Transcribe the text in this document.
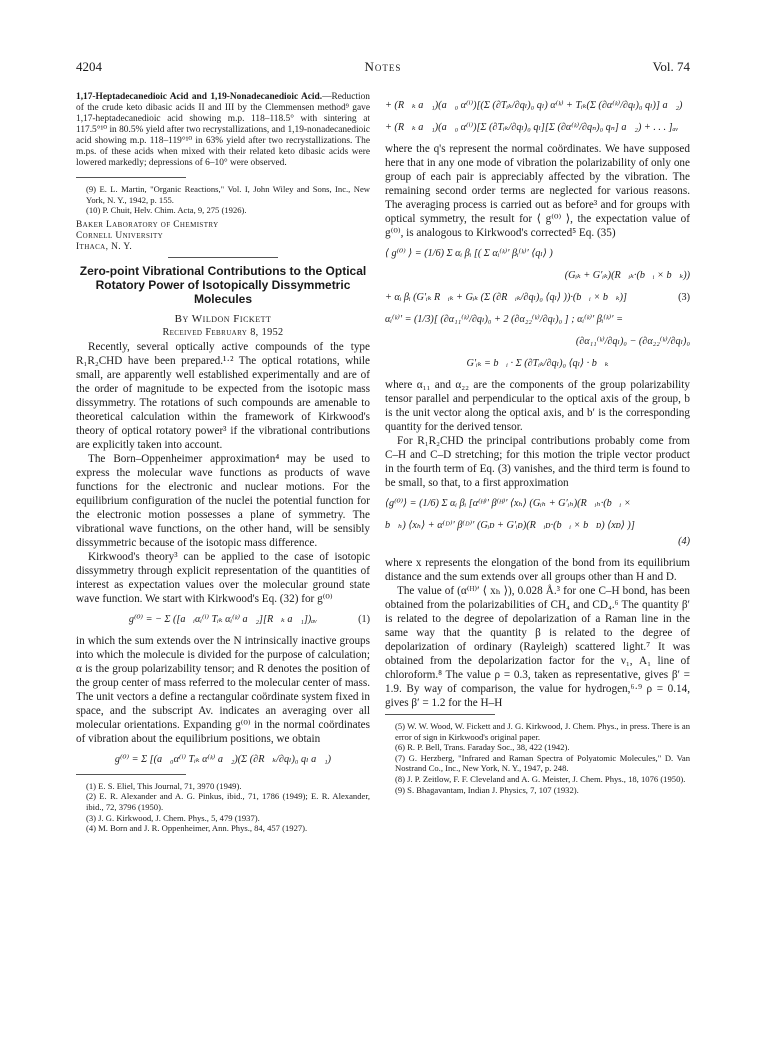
4204	Notes	Vol. 74

1,17-Heptadecanedioic Acid and 1,19-Nonadecanedioic Acid.—Reduction of the crude keto dibasic acids II and III by the Clemmensen method⁹ gave 1,17-heptadecanedioic acid showing m.p. 118–118.5° with sintering at 117.5°¹⁰ in 80.5% yield after two recrystallizations, and 1,19-nonadecanedioic acid showing m.p. 118–119°¹⁰ in 63% yield after two recrystallizations. The m.ps. of these acids when mixed with their related keto dibasic acids were lowered markedly; depressions of 6–10° were observed.

(9) E. L. Martin, "Organic Reactions," Vol. I, John Wiley and Sons, Inc., New York, N. Y., 1942, p. 155.
(10) P. Chuit, Helv. Chim. Acta, 9, 275 (1926).
Baker Laboratory of Chemistry
Cornell University
Ithaca, N. Y.
Zero-point Vibrational Contributions to the Optical Rotatory Power of Isotopically Dissymmetric Molecules

By Wildon Fickett

Received February 8, 1952

Recently, several optically active compounds of the type R₁R₂CHD have been prepared.¹·² The optical rotations, while small, are apparently well established experimentally and are of the order of magnitude to be expected from the isotopic mass dissymmetry. The rotations of such compounds are amenable to theoretical calculation within the framework of Kirkwood's theory of optical rotatory power³ if the vibrational contributions are explicitly taken into account.

The Born–Oppenheimer approximation⁴ may be used to express the molecular wave functions as products of wave functions for the electronic and nuclear motions. For the equilibrium configuration of the nuclei the potential function for the electronic motion possesses a plane of symmetry. The vibrational wave functions, on the other hand, will be sensibly dissymmetric because of the isotopic mass difference.

Kirkwood's theory³ can be applied to the case of isotopic dissymmetry through explicit representation of the quantities of interest as expectation values over the molecular ground state wave function. We start with Kirkwood's Eq. (32) for g⁽⁰⁾

g⁽⁰⁾ = − Σ ([a⃗ᵢαᵢ⁽ⁱ⁾ Tᵢₖ αᵢ⁽ᵏ⁾ a⃗₂][R⃗ₖ a⃗₁])ₐᵥ	(1)

in which the sum extends over the N intrinsically inactive groups into which the molecule is divided for the purpose of calculation; α is the group polarizability tensor; and R denotes the position of the group center of mass referred to the molecular center of mass. The unit vectors a define a rectangular coördinate system fixed in space, and the subscript Av. indicates an averaging over all molecular orientations. Expanding g⁽⁰⁾ in the normal coördinates of vibration about the equilibrium positions, we obtain

g⁽⁰⁾ = Σ [(a⃗₀α⁽ⁱ⁾ Tᵢₖ α⁽ᵏ⁾ a⃗₂)(Σ (∂R⃗ₖ/∂qₗ)₀ qₗ a⃗₁)
(1) E. S. Eliel, This Journal, 71, 3970 (1949).
(2) E. R. Alexander and A. G. Pinkus, ibid., 71, 1786 (1949); E. R. Alexander, ibid., 72, 3796 (1950).
(3) J. G. Kirkwood, J. Chem. Phys., 5, 479 (1937).
(4) M. Born and J. R. Oppenheimer, Ann. Phys., 84, 457 (1927).
+ (R⃗ₖ a⃗₁)(a⃗₀ α⁽ⁱ⁾)[(Σ (∂Tᵢₖ/∂qₗ)₀ qₗ) α⁽ᵏ⁾ + Tᵢₖ(Σ (∂α⁽ᵏ⁾/∂qₗ)₀ qₗ)] a⃗₂)
+ (R⃗ₖ a⃗₁)(a⃗₀ α⁽ⁱ⁾)[Σ (∂Tᵢₖ/∂qₗ)₀ qₗ][Σ (∂α⁽ᵏ⁾/∂qₙ)₀ qₙ] a⃗₂) + . . . ]ₐᵥ

where the q's represent the normal coördinates. We have supposed here that in any one mode of vibration the polarizability of only one group of each pair is appreciably affected by the vibration. The remaining second order terms are neglected for various reasons. The averaging process is carried out as before³ and for groups with optical symmetry, the result for ⟨ g⁽⁰⁾ ⟩, the expectation value of g⁽⁰⁾, is analogous to Kirkwood's corrected⁵ Eq. (35)

⟨ g⁽⁰⁾ ⟩ = (1/6) Σ αᵢ βᵢ [( Σ αᵢ⁽ᵏ⁾′ βᵢ⁽ᵏ⁾′ ⟨qₗ⟩ )
(Gᵢₖ + G′ᵢₖ)(R⃗ᵢₖ·(b⃗ᵢ × b⃗ₖ))
+ αᵢ βᵢ (G′ᵢₖ R⃗ᵢₖ + Gᵢₖ (Σ (∂R⃗ᵢₖ/∂qₗ)₀ ⟨qₗ⟩ ))·(b⃗ᵢ × b⃗ₖ)]	(3)
αᵢ⁽ᵏ⁾′ = (1/3)[ (∂α₁₁⁽ᵏ⁾/∂qₗ)₀ + 2 (∂α₂₂⁽ᵏ⁾/∂qₗ)₀ ] ; αᵢ⁽ᵏ⁾′ βᵢ⁽ᵏ⁾′ =
(∂α₁₁⁽ᵏ⁾/∂qₗ)₀ − (∂α₂₂⁽ᵏ⁾/∂qₗ)₀
G′ᵢₖ = b⃗ᵢ · Σ (∂Tᵢₖ/∂qₗ)₀ ⟨qₗ⟩ · b⃗ₖ

where α₁₁ and α₂₂ are the components of the group polarizability tensor parallel and perpendicular to the optical axis of the group, b is the unit vector along the optical axis, and b′ is the corresponding quantity for the derived tensor.

For R₁R₂CHD the principal contributions probably come from C–H and C–D stretching; for this motion the triple vector product in the fourth term of Eq. (3) vanishes, and the third term is found to be small, so that, to a first approximation

⟨g⁽⁰⁾⟩ = (1/6) Σ αᵢ βᵢ [α⁽ᴴ⁾′ β⁽ᴴ⁾′ ⟨xₕ⟩ (Gᵢₕ + G′ᵢₕ)(R⃗ᵢₕ·(b⃗ᵢ ×
b⃗ₕ) ⟨xₕ⟩ + α⁽ᴰ⁾′ β⁽ᴰ⁾′ (Gᵢᴅ + G′ᵢᴅ)(R⃗ᵢᴅ·(b⃗ᵢ × b⃗ᴅ) ⟨xᴅ⟩ )]
(4)

where x represents the elongation of the bond from its equilibrium distance and the sum extends over all groups other than H and D.

The value of (α⁽ᴴ⁾′ ⟨ xₕ ⟩), 0.028 Å.³ for one C–H bond, has been obtained from the polarizabilities of CH₄ and CD₄.⁶ The quantity β′ is related to the degree of depolarization of a Raman line in the same way that the quantity β is related to the degree of depolarization of ordinary (Rayleigh) scattered light.⁷ It was obtained from the depolarization factor for the ν₁, A₁ line of chloroform.⁸ The value ρ = 0.3, taken as representative, gives β′ = 1.9. By way of comparison, the value for hydrogen,⁶·⁹ ρ = 0.14, gives β′ = 1.2 for the H–H

(5) W. W. Wood, W. Fickett and J. G. Kirkwood, J. Chem. Phys., in press. There is an error of sign in Kirkwood's original paper.
(6) R. P. Bell, Trans. Faraday Soc., 38, 422 (1942).
(7) G. Herzberg, "Infrared and Raman Spectra of Polyatomic Molecules," D. Van Nostrand Co., Inc., New York, N. Y., 1947, p. 248.
(8) J. P. Zeitlow, F. F. Cleveland and A. G. Meister, J. Chem. Phys., 18, 1076 (1950).
(9) S. Bhagavantam, Indian J. Physics, 7, 107 (1932).
